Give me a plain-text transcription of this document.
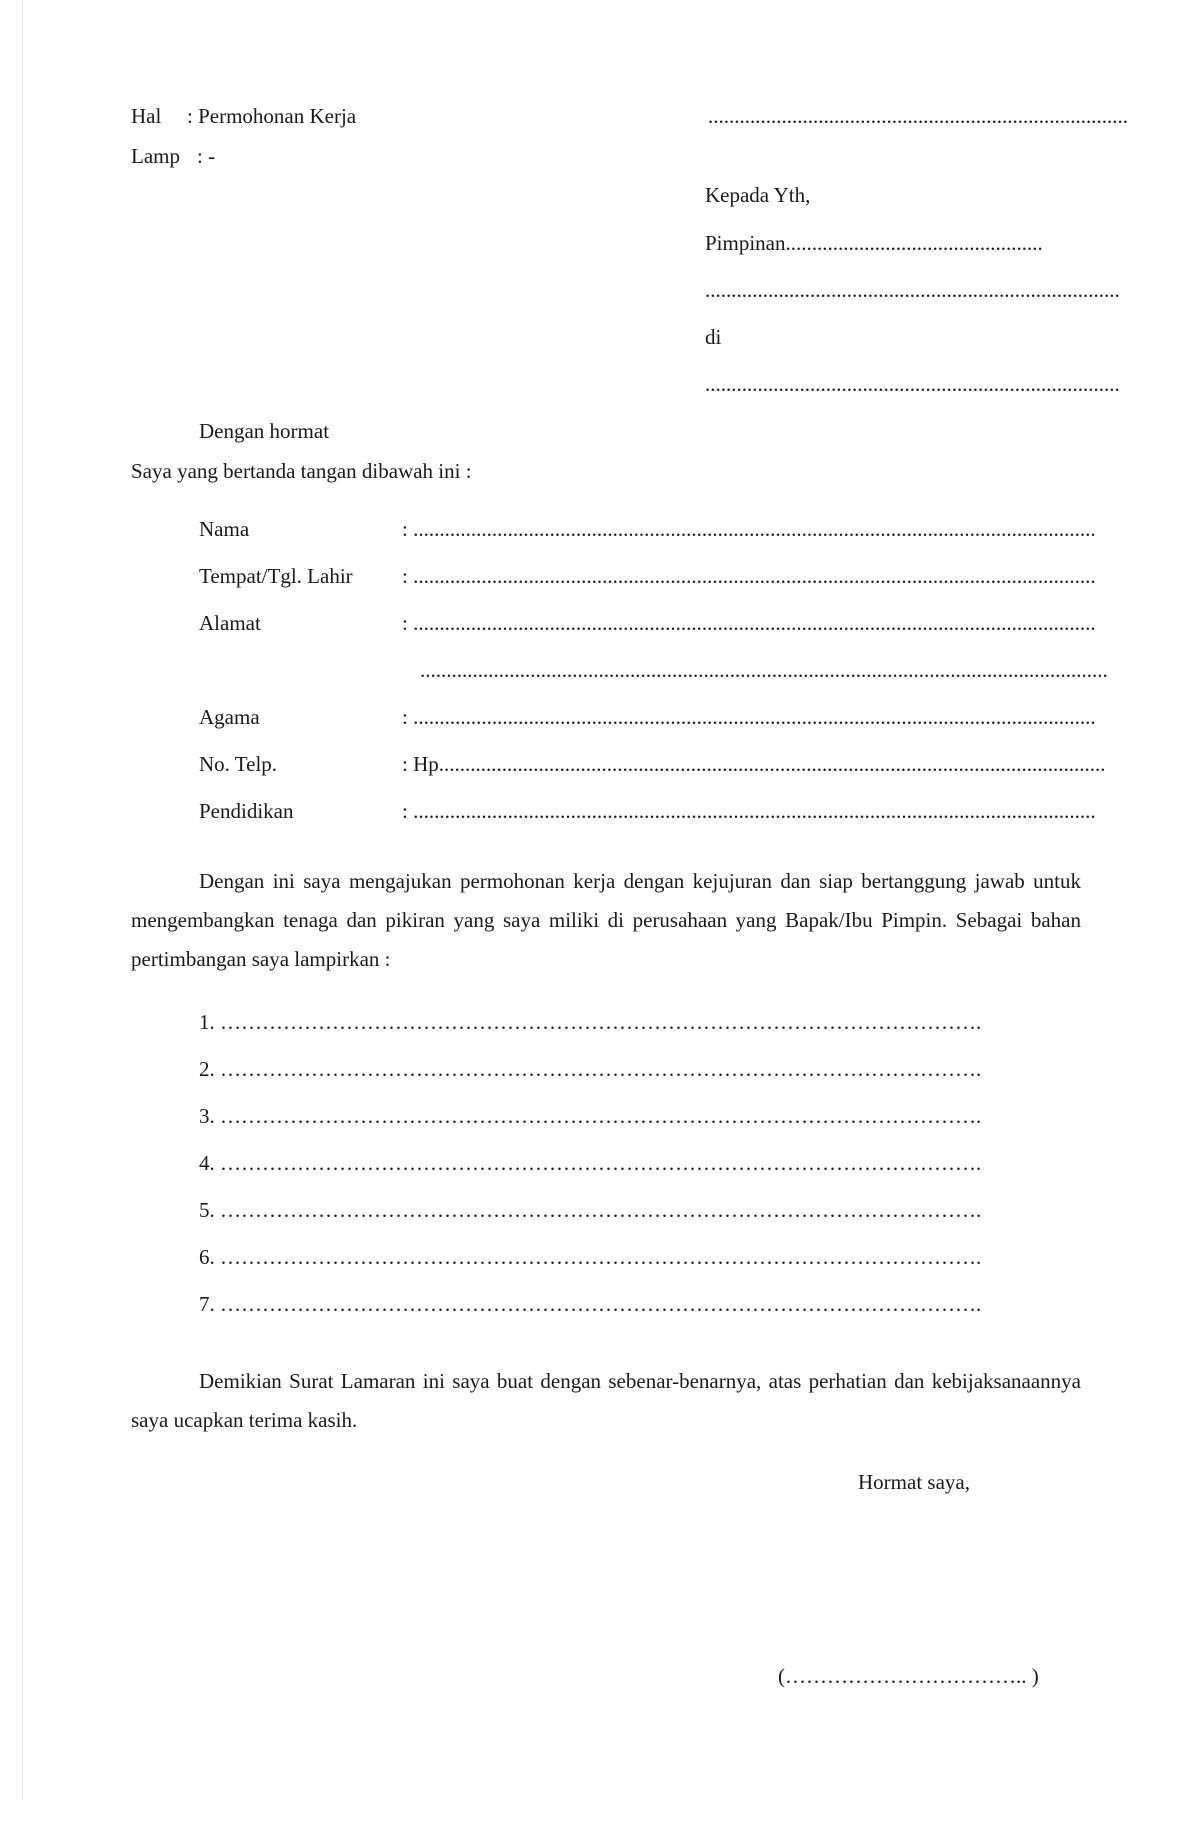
Hal : Permohonan Kerja
Lamp : -
................................................................................
Kepada Yth,
Pimpinan.................................................
...............................................................................
di
...............................................................................
Dengan hormat
Saya yang bertanda tangan dibawah ini :
Nama	: ..................................................................................................................................
Tempat/Tgl. Lahir : ..................................................................................................................................
Alamat	: ..................................................................................................................................
...................................................................................................................................
Agama	: ..................................................................................................................................
No. Telp.	: Hp...............................................................................................................................
Pendidikan	: ..................................................................................................................................
Dengan ini saya mengajukan permohonan kerja dengan kejujuran dan siap bertanggung jawab untuk mengembangkan tenaga dan pikiran yang saya miliki di perusahaan yang Bapak/Ibu Pimpin. Sebagai bahan pertimbangan saya lampirkan :
1. ……………………………………………………………………………………………….
2. ……………………………………………………………………………………………….
3. ……………………………………………………………………………………………….
4. ……………………………………………………………………………………………….
5. ……………………………………………………………………………………………….
6. ……………………………………………………………………………………………….
7. ……………………………………………………………………………………………….
Demikian Surat Lamaran ini saya buat dengan sebenar-benarnya, atas perhatian dan kebijaksanaannya saya ucapkan terima kasih.
Hormat saya,
(…………………………….. )
